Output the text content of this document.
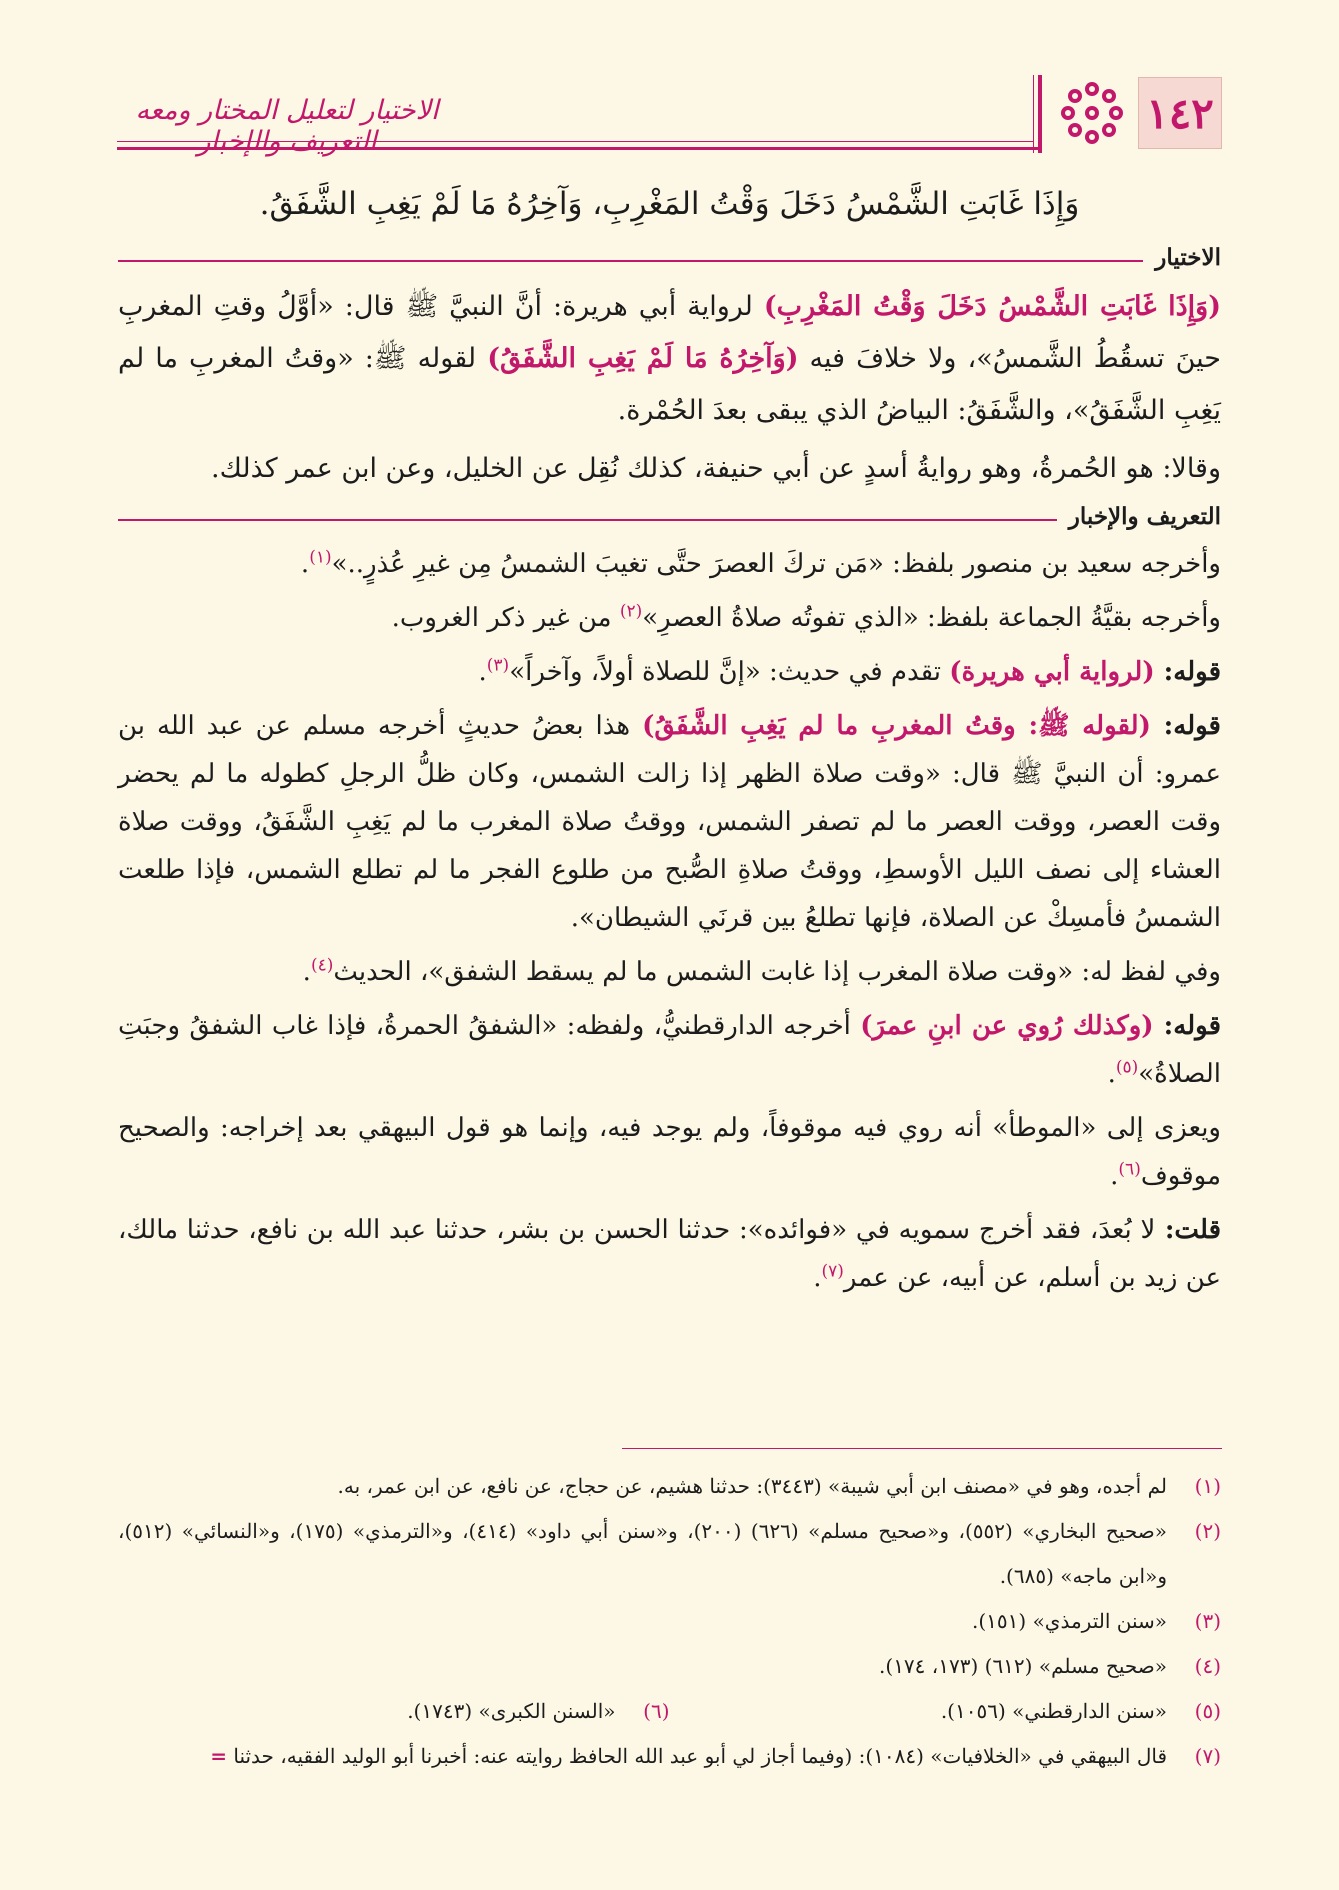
١٤٢
الاختيار لتعليل المختار ومعه التعريف والإخبار

وَإِذَا غَابَتِ الشَّمْسُ دَخَلَ وَقْتُ المَغْرِبِ، وَآخِرُهُ مَا لَمْ يَغِبِ الشَّفَقُ.

الاختيار

(وَإِذَا غَابَتِ الشَّمْسُ دَخَلَ وَقْتُ المَغْرِبِ) لرواية أبي هريرة: أنَّ النبيَّ ﷺ قال: «أوَّلُ وقتِ المغربِ حينَ تسقُطُ الشَّمسُ»، ولا خلافَ فيه (وَآخِرُهُ مَا لَمْ يَغِبِ الشَّفَقُ) لقوله ﷺ: «وقتُ المغربِ ما لم يَغِبِ الشَّفَقُ»، والشَّفَقُ: البياضُ الذي يبقى بعدَ الحُمْرة.

وقالا: هو الحُمرةُ، وهو روايةُ أسدٍ عن أبي حنيفة، كذلك نُقِل عن الخليل، وعن ابن عمر كذلك.

التعريف والإخبار

وأخرجه سعيد بن منصور بلفظ: «مَن تركَ العصرَ حتَّى تغيبَ الشمسُ مِن غيرِ عُذرٍ..»$^{(١)}$.

وأخرجه بقيَّةُ الجماعة بلفظ: «الذي تفوتُه صلاةُ العصرِ»$^{(٢)}$ من غير ذكر الغروب.

قوله: (لرواية أبي هريرة) تقدم في حديث: «إنَّ للصلاة أولاً، وآخراً»$^{(٣)}$.

قوله: (لقوله ﷺ: وقتُ المغربِ ما لم يَغِبِ الشَّفَقُ) هذا بعضُ حديثٍ أخرجه مسلم عن عبد الله بن عمرو: أن النبيَّ ﷺ قال: «وقت صلاة الظهر إذا زالت الشمس، وكان ظلُّ الرجلِ كطوله ما لم يحضر وقت العصر، ووقت العصر ما لم تصفر الشمس، ووقتُ صلاة المغرب ما لم يَغِبِ الشَّفَقُ، ووقت صلاة العشاء إلى نصف الليل الأوسطِ، ووقتُ صلاةِ الصُّبح من طلوع الفجر ما لم تطلع الشمس، فإذا طلعت الشمسُ فأمسِكْ عن الصلاة، فإنها تطلعُ بين قرنَي الشيطان».

وفي لفظ له: «وقت صلاة المغرب إذا غابت الشمس ما لم يسقط الشفق»، الحديث$^{(٤)}$.

قوله: (وكذلك رُوي عن ابنِ عمرَ) أخرجه الدارقطنيُّ، ولفظه: «الشفقُ الحمرةُ، فإذا غاب الشفقُ وجبَتِ الصلاةُ»$^{(٥)}$.

ويعزى إلى «الموطأ» أنه روي فيه موقوفاً، ولم يوجد فيه، وإنما هو قول البيهقي بعد إخراجه: والصحيح موقوف$^{(٦)}$.

قلت: لا بُعدَ، فقد أخرج سمويه في «فوائده»: حدثنا الحسن بن بشر، حدثنا عبد الله بن نافع، حدثنا مالك، عن زيد بن أسلم، عن أبيه، عن عمر$^{(٧)}$.

(١)
لم أجده، وهو في «مصنف ابن أبي شيبة» (٣٤٤٣): حدثنا هشيم، عن حجاج، عن نافع، عن ابن عمر، به.
(٢)
«صحيح البخاري» (٥٥٢)، و«صحيح مسلم» (٦٢٦) (٢٠٠)، و«سنن أبي داود» (٤١٤)، و«الترمذي» (١٧٥)، و«النسائي» (٥١٢)، و«ابن ماجه» (٦٨٥).
(٣)
«سنن الترمذي» (١٥١).
(٤)
«صحيح مسلم» (٦١٢) (١٧٣، ١٧٤).
(٥)
«سنن الدارقطني» (١٠٥٦).
(٦)
«السنن الكبرى» (١٧٤٣).
(٧)
قال البيهقي في «الخلافيات» (١٠٨٤): (وفيما أجاز لي أبو عبد الله الحافظ روايته عنه: أخبرنا أبو الوليد الفقيه، حدثنا =
